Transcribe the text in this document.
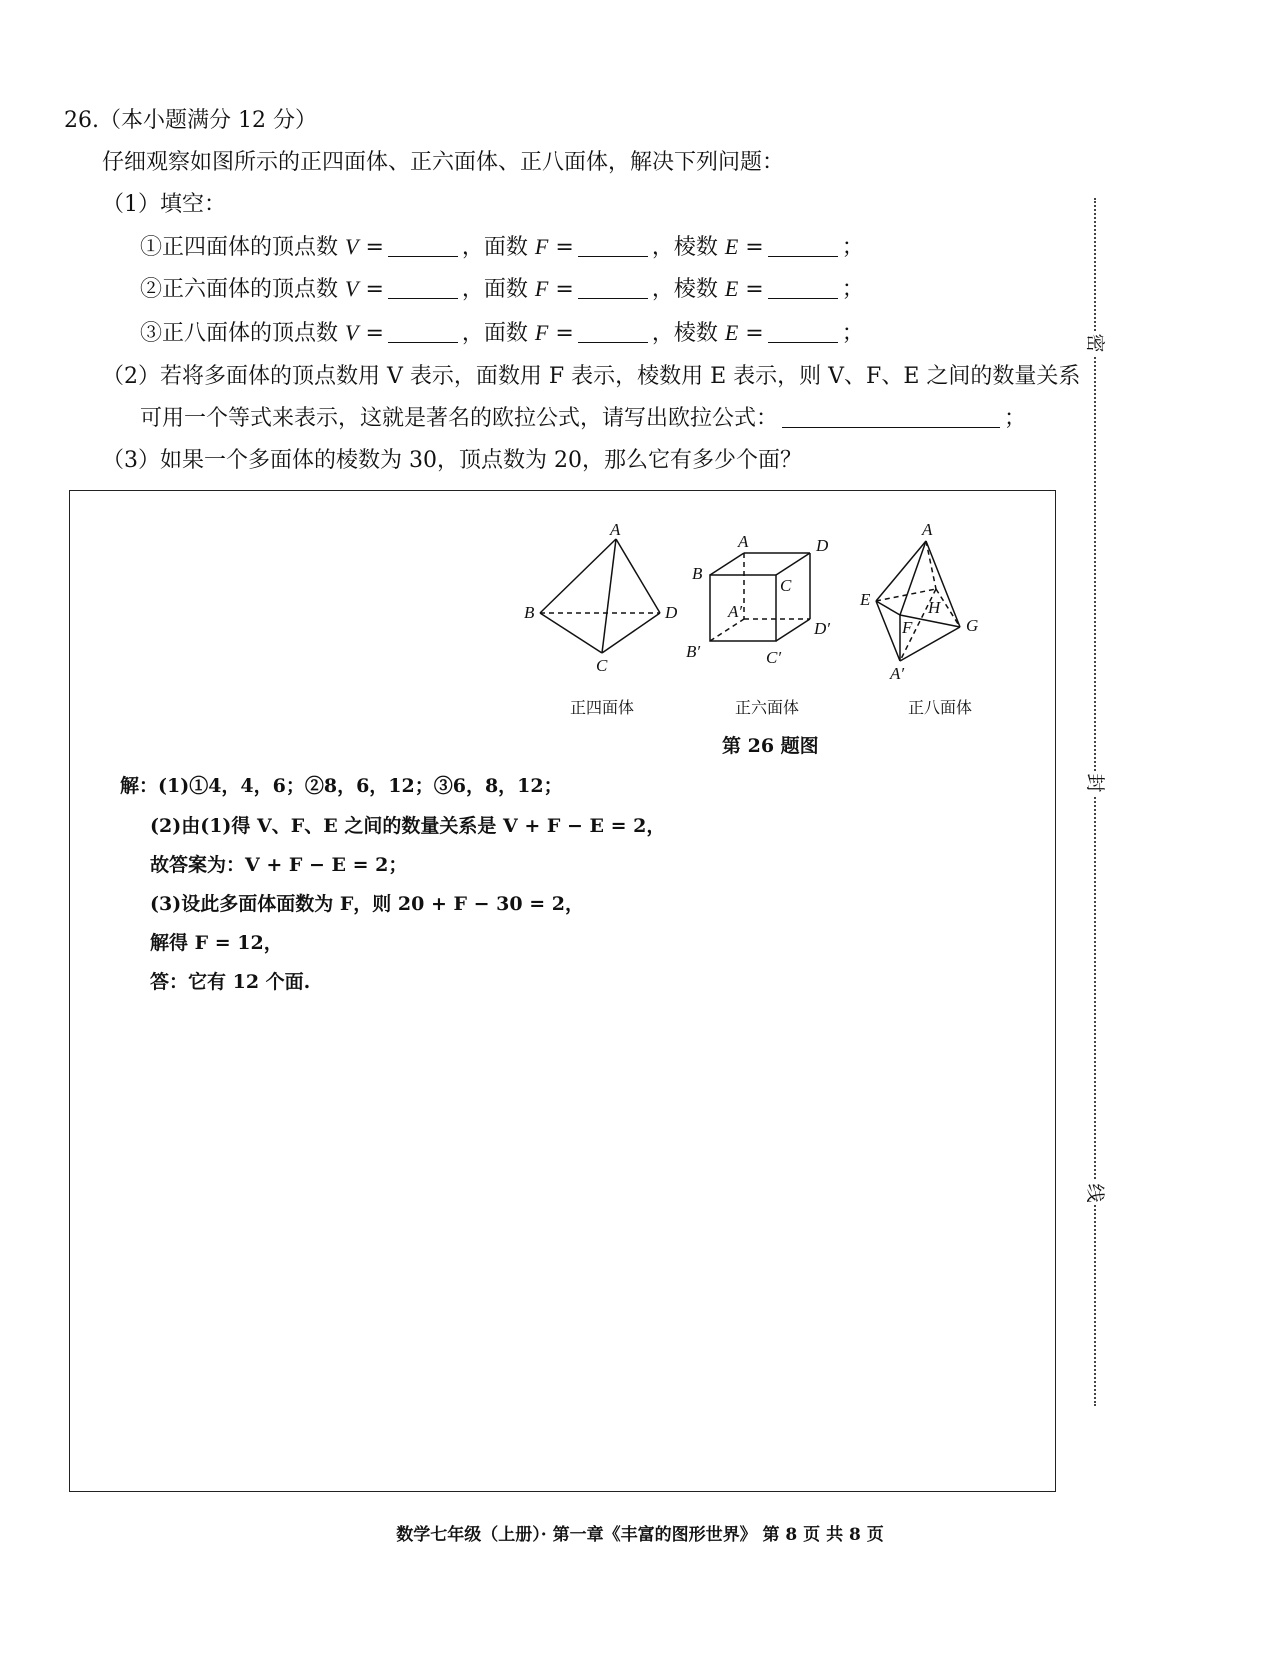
26.（本小题满分 12 分）
仔细观察如图所示的正四面体、正六面体、正八面体，解决下列问题：
（1）填空：
①正四面体的顶点数 V =	，面数 F =	，棱数 E =	；
②正六面体的顶点数 V =	，面数 F =	，棱数 E =	；
③正八面体的顶点数 V =	，面数 F =	，棱数 E =	；
（2）若将多面体的顶点数用 V 表示，面数用 F 表示，棱数用 E 表示，则 V、F、E 之间的数量关系
可用一个等式来表示，这就是著名的欧拉公式，请写出欧拉公式：	；
（3）如果一个多面体的棱数为 30，顶点数为 20，那么它有多少个面？
A
B	D
C
A	D
B
C
A′
D′
B′	C′
A
E	H
F	G
A′
正四面体	正六面体	正八面体
第 26 题图
解：(1)①4，4，6；②8，6，12；③6，8，12；
(2)由(1)得 V、F、E 之间的数量关系是 V + F − E = 2，
故答案为：V + F − E = 2；
(3)设此多面体面数为 F，则 20 + F − 30 = 2，
解得 F = 12，
答：它有 12 个面.
密
封
线
数学七年级（上册）· 第一章《丰富的图形世界》 第 8 页 共 8 页
